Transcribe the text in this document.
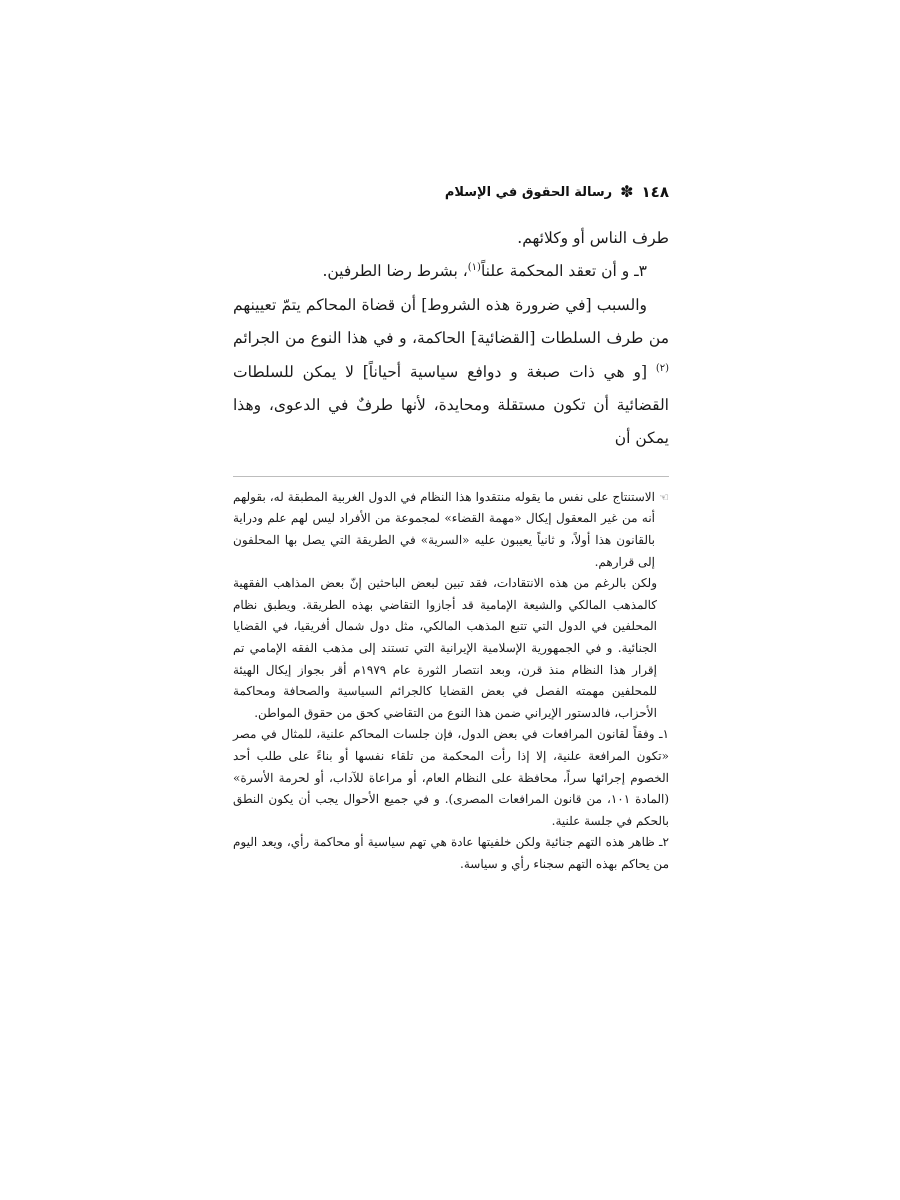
١٤٨
✽
رسالة الحقوق في الإسلام

طرف الناس أو وكلائهم.

٣ـ و أن تعقد المحكمة علناً$^{(١)}$، بشرط رضا الطرفين.

والسبب [في ضرورة هذه الشروط] أن قضاة المحاكم يتمّ تعيينهم من طرف السلطات [القضائية] الحاكمة، و في هذا النوع من الجرائم $^{(٢)}$ [و هي ذات صبغة و دوافع سياسية أحياناً] لا يمكن للسلطات القضائية أن تكون مستقلة ومحايدة، لأنها طرفٌ في الدعوى، وهذا يمكن أن

☜
الاستنتاج على نفس ما يقوله منتقدوا هذا النظام في الدول الغربية المطبقة له، بقولهم أنه من غير المعقول إيكال «مهمة القضاء» لمجموعة من الأفراد ليس لهم علم ودراية بالقانون هذا أولاً، و ثانياً يعيبون عليه «السرية» في الطريقة التي يصل بها المحلفون إلى قرارهم.

ولكن بالرغم من هذه الانتقادات، فقد تبين لبعض الباحثين إنّ بعض المذاهب الفقهية كالمذهب المالكي والشيعة الإمامية قد أجازوا التقاضي بهذه الطريقة. ويطبق نظام المحلفين في الدول التي تتبع المذهب المالكي، مثل دول شمال أفريقيا، في القضايا الجنائية. و في الجمهورية الإسلامية الإيرانية التي تستند إلى مذهب الفقه الإمامي تم إقرار هذا النظام منذ قرن، وبعد انتصار الثورة عام ١٩٧٩م أقر بجواز إيكال الهيئة للمحلفين مهمته الفصل في بعض القضايا كالجرائم السياسية والصحافة ومحاكمة الأحزاب، فالدستور الإيراني ضمن هذا النوع من التقاضي كحق من حقوق المواطن.

١ـ وفقاً لقانون المرافعات في بعض الدول، فإن جلسات المحاكم علنية، للمثال في مصر «تكون المرافعة علنية، إلا إذا رأت المحكمة من تلقاء نفسها أو بناءً على طلب أحد الخصوم إجرائها سراً، محافظة على النظام العام، أو مراعاة للآداب، أو لحرمة الأسرة» (المادة ١٠١، من قانون المرافعات المصرى). و في جميع الأحوال يجب أن يكون النطق بالحكم في جلسة علنية.

٢ـ ظاهر هذه التهم جنائية ولكن خلفيتها عادة هي تهم سياسية أو محاكمة رأي، ويعد اليوم من يحاكم بهذه التهم سجناء رأي و سياسة.
